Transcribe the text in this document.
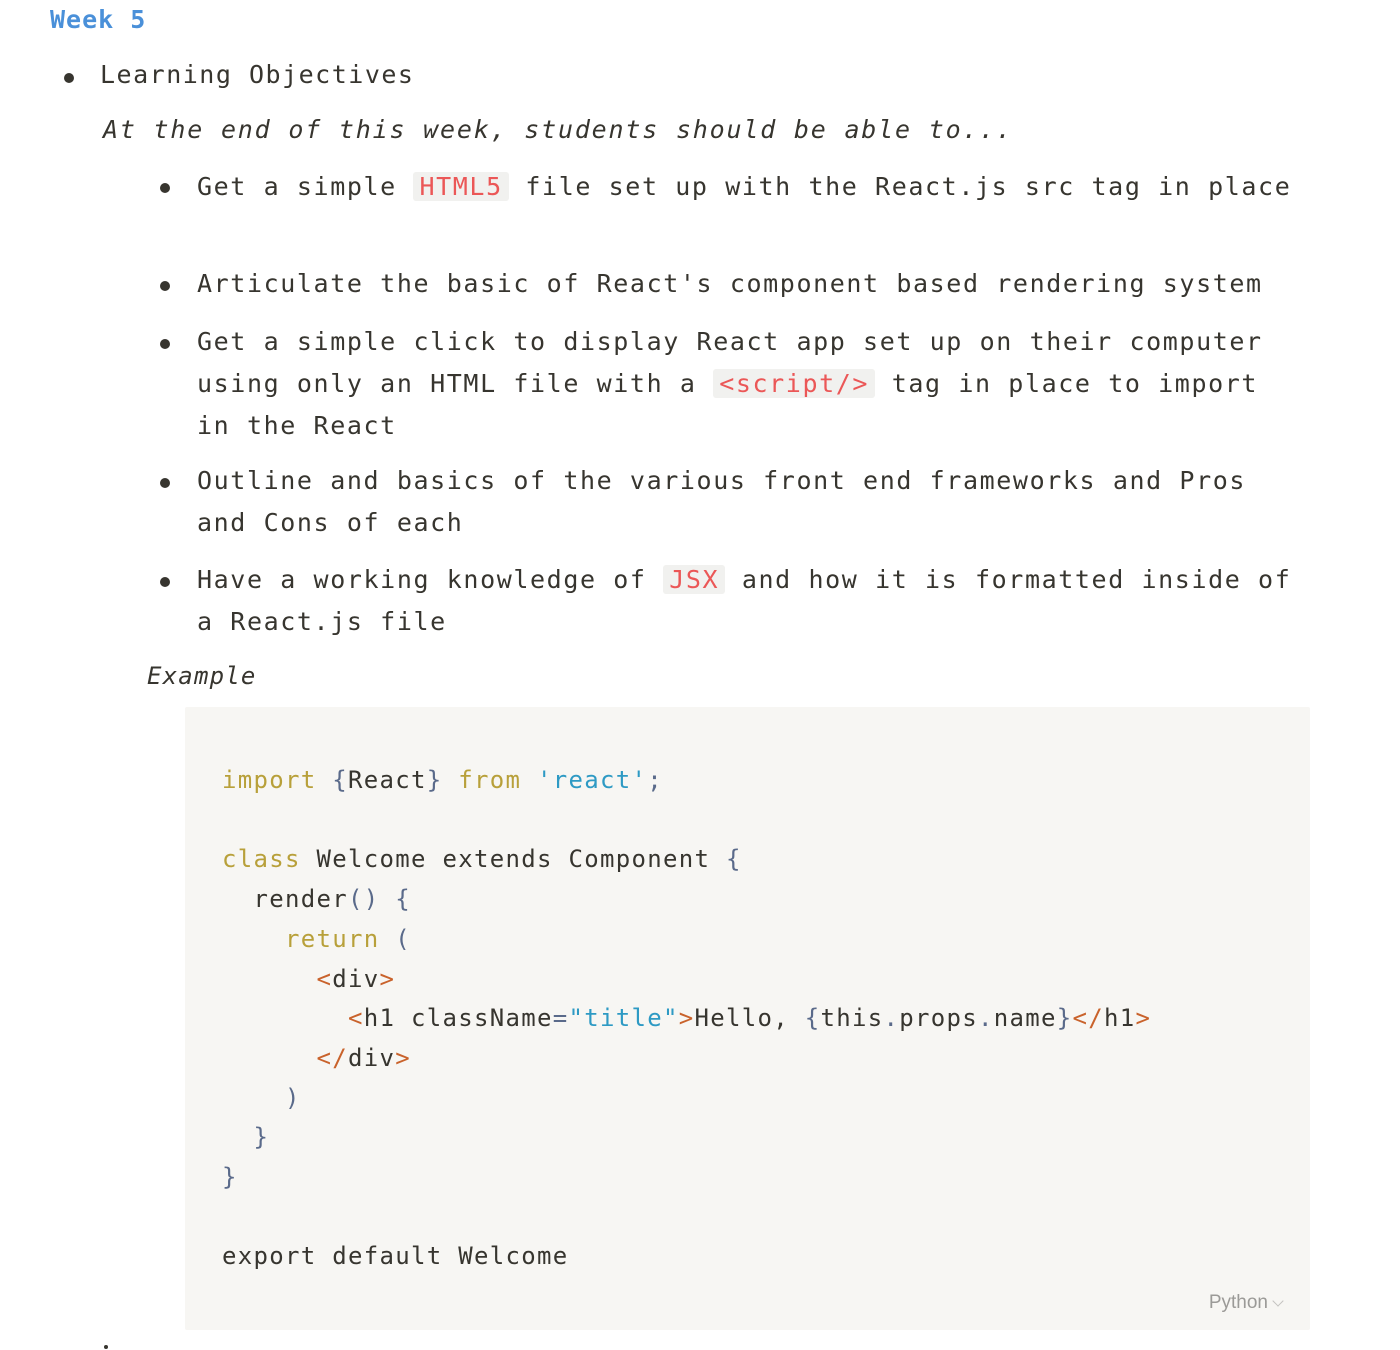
Week 5
Learning Objectives
At the end of this week, students should be able to...
Get a simple HTML5 file set up with the React.js src tag in place
Articulate the basic of React's component based rendering system
Get a simple click to display React app set up on their computer using only an HTML file with a <script/> tag in place to import in the React
Outline and basics of the various front end frameworks and Pros and Cons of each
Have a working knowledge of JSX and how it is formatted inside of a React.js file
Example
import {React} from 'react';

class Welcome extends Component {
render() {
return (
<div>
<h1 className="title">Hello, {this.props.name}</h1>
</div>
)
}
}

export default Welcome
Python
